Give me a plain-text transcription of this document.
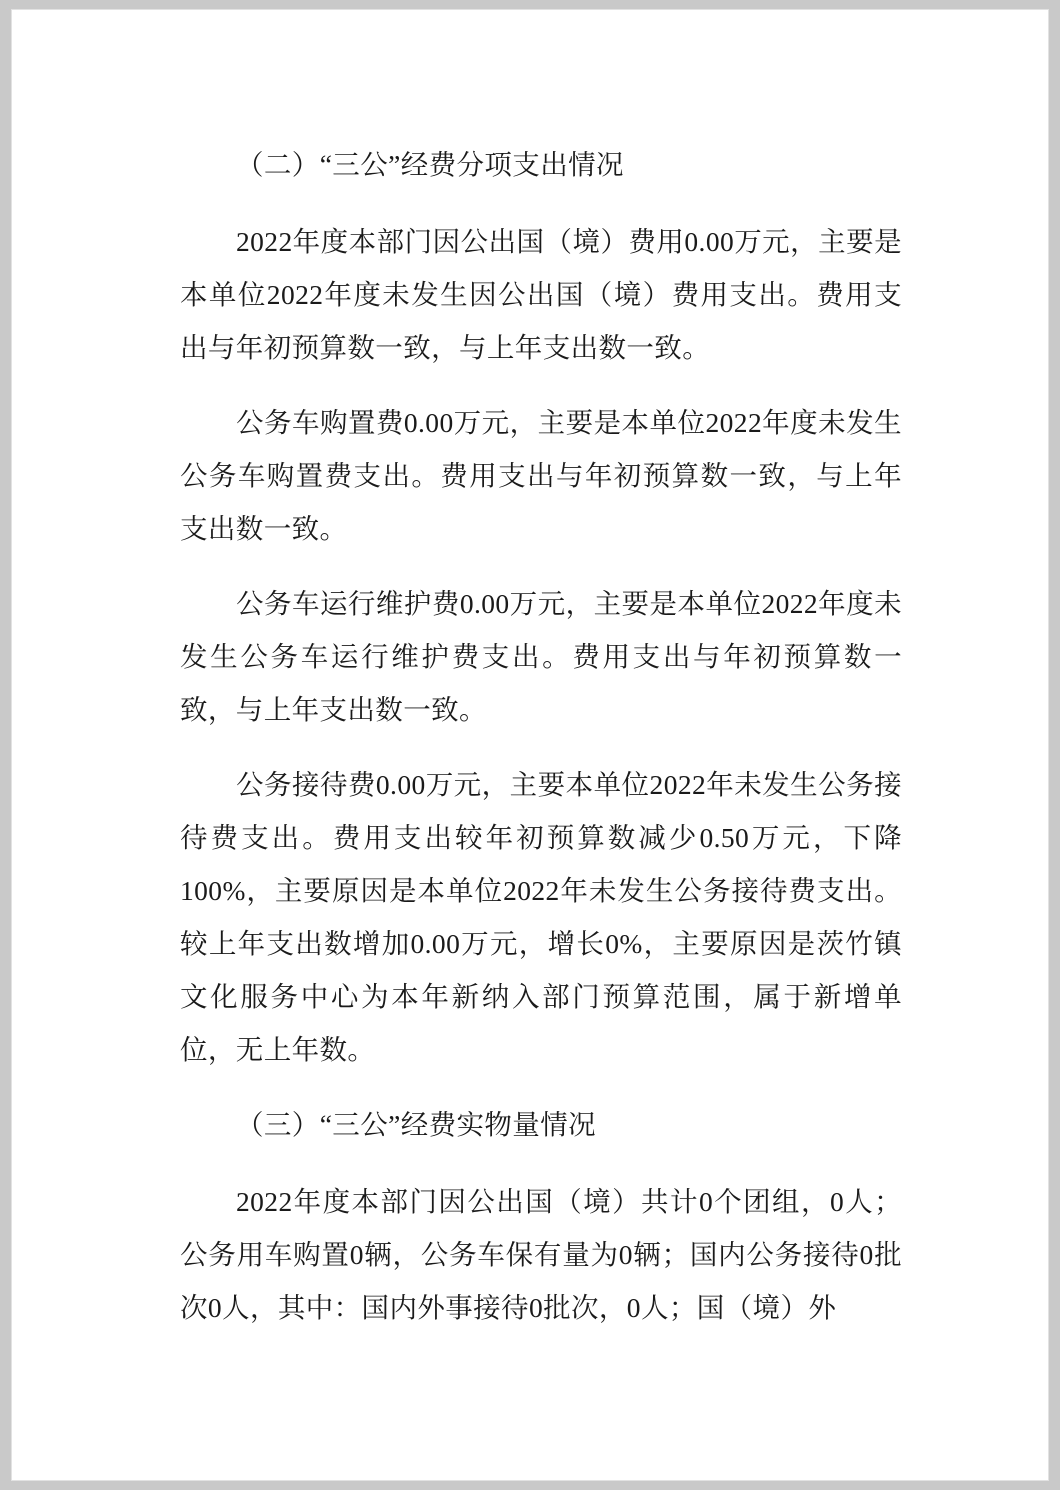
（二）“三公”经费分项支出情况

2022年度本部门因公出国（境）费用0.00万元，主要是本单位2022年度未发生因公出国（境）费用支出。费用支出与年初预算数一致，与上年支出数一致。

公务车购置费0.00万元，主要是本单位2022年度未发生公务车购置费支出。费用支出与年初预算数一致，与上年支出数一致。

公务车运行维护费0.00万元，主要是本单位2022年度未发生公务车运行维护费支出。费用支出与年初预算数一致，与上年支出数一致。

公务接待费0.00万元，主要本单位2022年未发生公务接待费支出。费用支出较年初预算数减少0.50万元，下降100%，主要原因是本单位2022年未发生公务接待费支出。较上年支出数增加0.00万元，增长0%，主要原因是茨竹镇文化服务中心为本年新纳入部门预算范围，属于新增单位，无上年数。

（三）“三公”经费实物量情况

2022年度本部门因公出国（境）共计0个团组，0人；公务用车购置0辆，公务车保有量为0辆；国内公务接待0批次0人，其中：国内外事接待0批次，0人；国（境）外
